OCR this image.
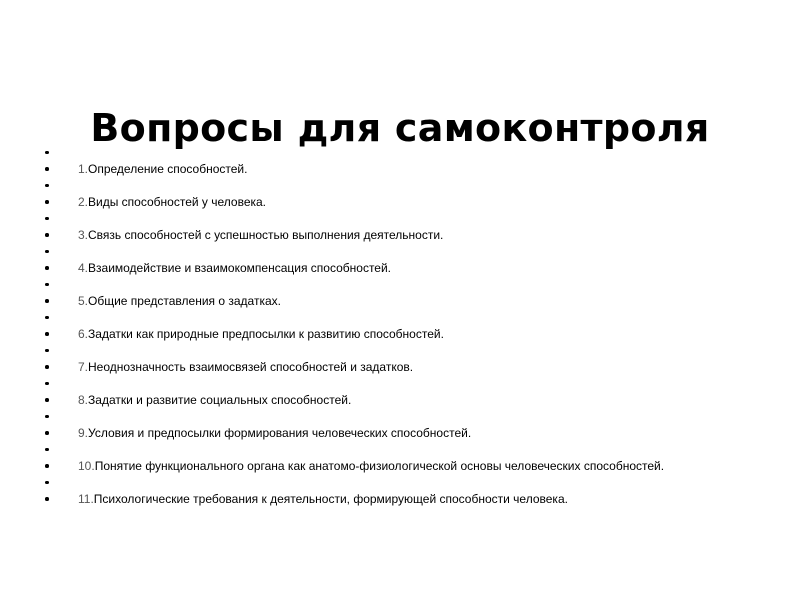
Вопросы для самоконтроля
1.Определение способностей.
2.Виды способностей у человека.
3.Связь способностей с успешностью выполнения деятельности.
4.Взаимодействие и взаимокомпенсация способностей.
5.Общие представления о задатках.
6.Задатки как природные предпосылки к развитию способностей.
7.Неоднозначность взаимосвязей способностей и задатков.
8.Задатки и развитие социальных способностей.
9.Условия и предпосылки формирования человеческих способностей.
10.Понятие функционального органа как анатомо-физиологической основы человеческих способностей.
11.Психологические требования к деятельности, формирующей способности человека.
